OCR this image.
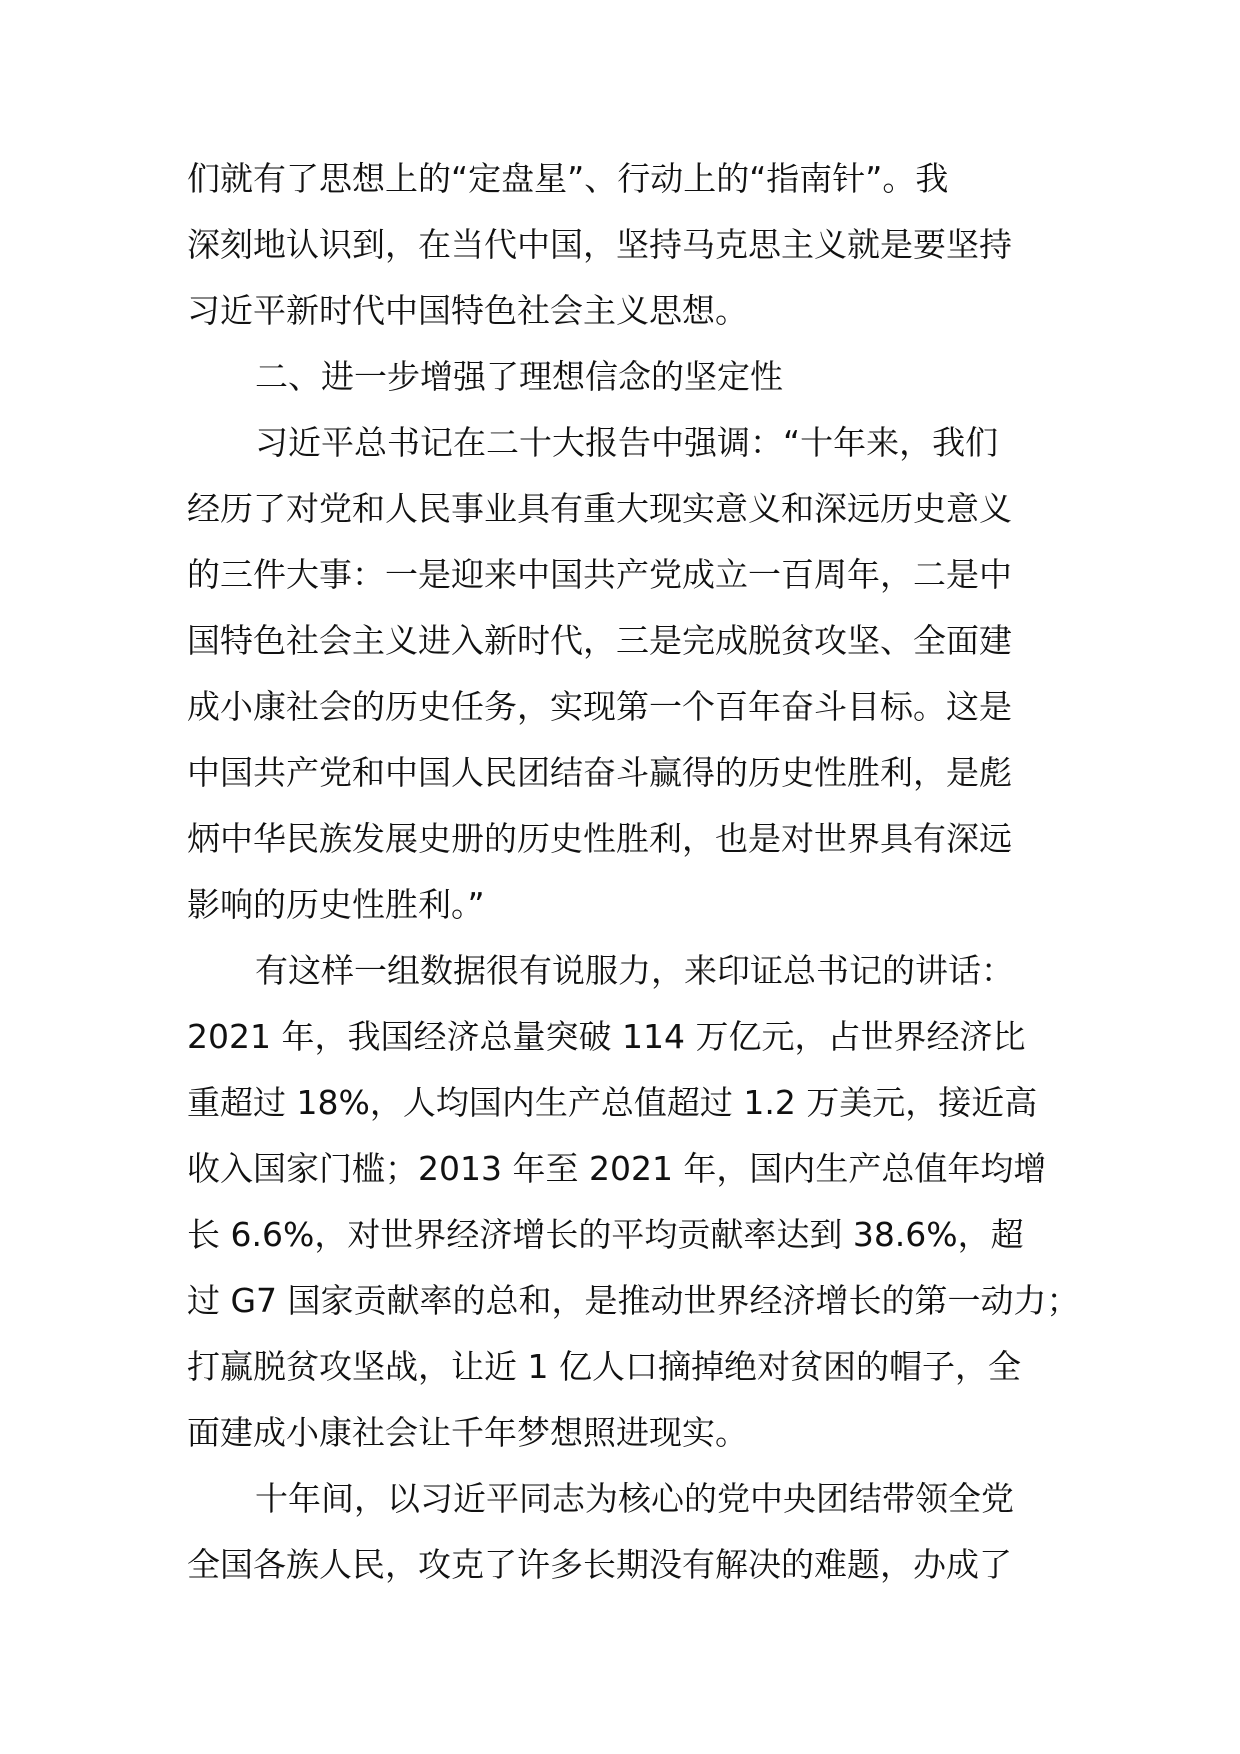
们就有了思想上的“定盘星”、行动上的“指南针”。我
深刻地认识到，在当代中国，坚持马克思主义就是要坚持
习近平新时代中国特色社会主义思想。
二、进一步增强了理想信念的坚定性
习近平总书记在二十大报告中强调：“十年来，我们
经历了对党和人民事业具有重大现实意义和深远历史意义
的三件大事：一是迎来中国共产党成立一百周年，二是中
国特色社会主义进入新时代，三是完成脱贫攻坚、全面建
成小康社会的历史任务，实现第一个百年奋斗目标。这是
中国共产党和中国人民团结奋斗赢得的历史性胜利，是彪
炳中华民族发展史册的历史性胜利，也是对世界具有深远
影响的历史性胜利。”
有这样一组数据很有说服力，来印证总书记的讲话：
2021 年，我国经济总量突破 114 万亿元，占世界经济比
重超过 18%，人均国内生产总值超过 1.2 万美元，接近高
收入国家门槛；2013 年至 2021 年，国内生产总值年均增
长 6.6%，对世界经济增长的平均贡献率达到 38.6%，超
过 G7 国家贡献率的总和，是推动世界经济增长的第一动力；
打赢脱贫攻坚战，让近 1 亿人口摘掉绝对贫困的帽子，全
面建成小康社会让千年梦想照进现实。
十年间，以习近平同志为核心的党中央团结带领全党
全国各族人民，攻克了许多长期没有解决的难题，办成了
